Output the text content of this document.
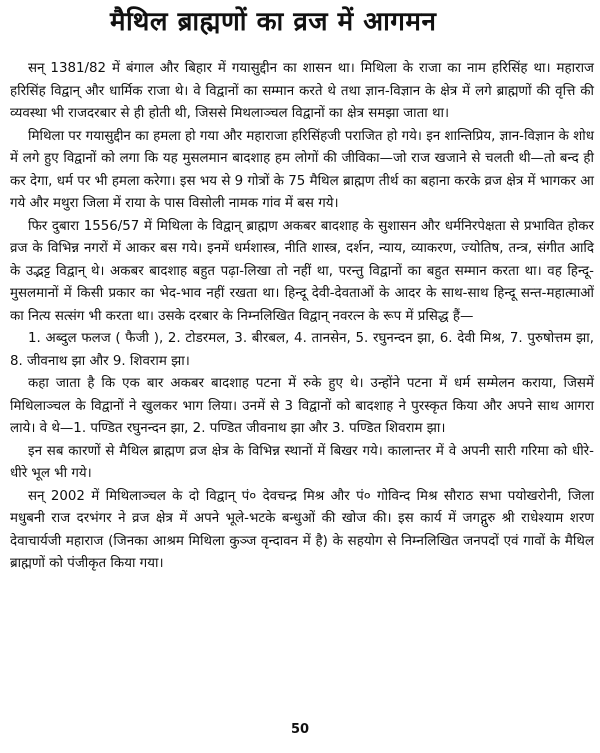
मैथिल ब्राह्मणों का व्रज में आगमन

सन् 1381/82 में बंगाल और बिहार में गयासुद्दीन का शासन था। मिथिला के राजा का नाम हरिसिंह था। महाराज हरिसिंह विद्वान् और धार्मिक राजा थे। वे विद्वानों का सम्मान करते थे तथा ज्ञान-विज्ञान के क्षेत्र में लगे ब्राह्मणों की वृत्ति की व्यवस्था भी राजदरबार से ही होती थी, जिससे मिथलाञ्चल विद्वानों का क्षेत्र समझा जाता था।

मिथिला पर गयासुद्दीन का हमला हो गया और महाराजा हरिसिंहजी पराजित हो गये। इन शान्तिप्रिय, ज्ञान-विज्ञान के शोध में लगे हुए विद्वानों को लगा कि यह मुसलमान बादशाह हम लोगों की जीविका—जो राज खजाने से चलती थी—तो बन्द ही कर देगा, धर्म पर भी हमला करेगा। इस भय से 9 गोत्रों के 75 मैथिल ब्राह्मण तीर्थ का बहाना करके व्रज क्षेत्र में भागकर आ गये और मथुरा जिला में राया के पास विसोली नामक गांव में बस गये।

फिर दुबारा 1556/57 में मिथिला के विद्वान् ब्राह्मण अकबर बादशाह के सुशासन और धर्मनिरपेक्षता से प्रभावित होकर व्रज के विभिन्न नगरों में आकर बस गये। इनमें धर्मशास्त्र, नीति शास्त्र, दर्शन, न्याय, व्याकरण, ज्योतिष, तन्त्र, संगीत आदि के उद्भट्ट विद्वान् थे। अकबर बादशाह बहुत पढ़ा-लिखा तो नहीं था, परन्तु विद्वानों का बहुत सम्मान करता था। वह हिन्दू-मुसलमानों में किसी प्रकार का भेद-भाव नहीं रखता था। हिन्दू देवी-देवताओं के आदर के साथ-साथ हिन्दू सन्त-महात्माओं का नित्य सत्संग भी करता था। उसके दरबार के निम्नलिखित विद्वान् नवरत्न के रूप में प्रसिद्ध हैं—

1. अब्दुल फलज ( फैजी ), 2. टोडरमल, 3. बीरबल, 4. तानसेन, 5. रघुनन्दन झा, 6. देवी मिश्र, 7. पुरुषोत्तम झा, 8. जीवनाथ झा और 9. शिवराम झा।

कहा जाता है कि एक बार अकबर बादशाह पटना में रुके हुए थे। उन्होंने पटना में धर्म सम्मेलन कराया, जिसमें मिथिलाञ्चल के विद्वानों ने खुलकर भाग लिया। उनमें से 3 विद्वानों को बादशाह ने पुरस्कृत किया और अपने साथ आगरा लाये। वे थे—1. पण्डित रघुनन्दन झा, 2. पण्डित जीवनाथ झा और 3. पण्डित शिवराम झा।

इन सब कारणों से मैथिल ब्राह्मण व्रज क्षेत्र के विभिन्न स्थानों में बिखर गये। कालान्तर में वे अपनी सारी गरिमा को धीरे-धीरे भूल भी गये।

सन् 2002 में मिथिलाञ्चल के दो विद्वान् पं० देवचन्द्र मिश्र और पं० गोविन्द मिश्र सौराठ सभा पयोखरोनी, जिला मधुबनी राज दरभंगर ने व्रज क्षेत्र में अपने भूले-भटके बन्धुओं की खोज की। इस कार्य में जगद्गुरु श्री राधेश्याम शरण देवाचार्यजी महाराज (जिनका आश्रम मिथिला कुञ्ज वृन्दावन में है) के सहयोग से निम्नलिखित जनपदों एवं गावों के मैथिल ब्राह्मणों को पंजीकृत किया गया।

50
